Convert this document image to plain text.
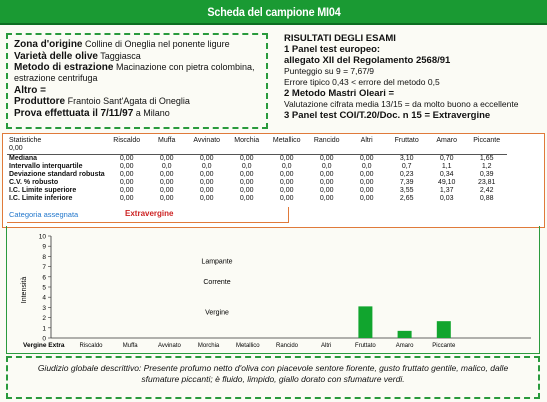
Scheda del campione MI04
Zona d'origine Colline di Oneglia nel ponente ligure
Varietà delle olive Taggiasca
Metodo di estrazione Macinazione con pietra colombina, estrazione centrifuga
Altro =
Produttore Frantoio Sant'Agata di Oneglia
Prova effettuata il 7/11/97 a Milano
RISULTATI DEGLI ESAMI
1 Panel test europeo:
allegato XII del Regolamento 2568/91
Punteggio su 9 = 7,67/9
Errore tipico 0,43 < errore del metodo 0,5
2 Metodo Mastri Oleari =
Valutazione cifrata media 13/15 = da molto buono a eccellente
3 Panel test COI/T.20/Doc. n 15 = Extravergine
Statistiche
0,00	Riscaldo	Muffa	Avvinato	Morchia	Metallico	Rancido	Altri	Fruttato	Amaro	Piccante
Mediana	0,00	0,00	0,00	0,00	0,00	0,00	0,00	3,10	0,70	1,65
Intervallo interquartile	0,00	0,0	0,0	0,0	0,0	0,0	0,0	0,7	1,1	1,2
Deviazione standard robusta	0,00	0,00	0,00	0,00	0,00	0,00	0,00	0,23	0,34	0,39
C.V. % robusto	0,00	0,00	0,00	0,00	0,00	0,00	0,00	7,39	49,10	23,81
I.C. Limite superiore	0,00	0,00	0,00	0,00	0,00	0,00	0,00	3,55	1,37	2,42
I.C. Limite inferiore	0,00	0,00	0,00	0,00	0,00	0,00	0,00	2,65	0,03	0,88
Categoria assegnata	Extravergine
0
1
2
3
4
5
6
7
8
9
10
Intensità
Lampante
Corrente
Vergine
Riscaldo	Muffa	Avvinato	Morchia	Metallico	Rancido	Altri	Fruttato	Amaro	Piccante
Vergine Extra
Giudizio globale descrittivo: Presente profumo netto d'oliva con piacevole sentore fiorente, gusto fruttato gentile, malico, dalle sfumature piccanti; è fluido, limpido, giallo dorato con sfumature verdi.
